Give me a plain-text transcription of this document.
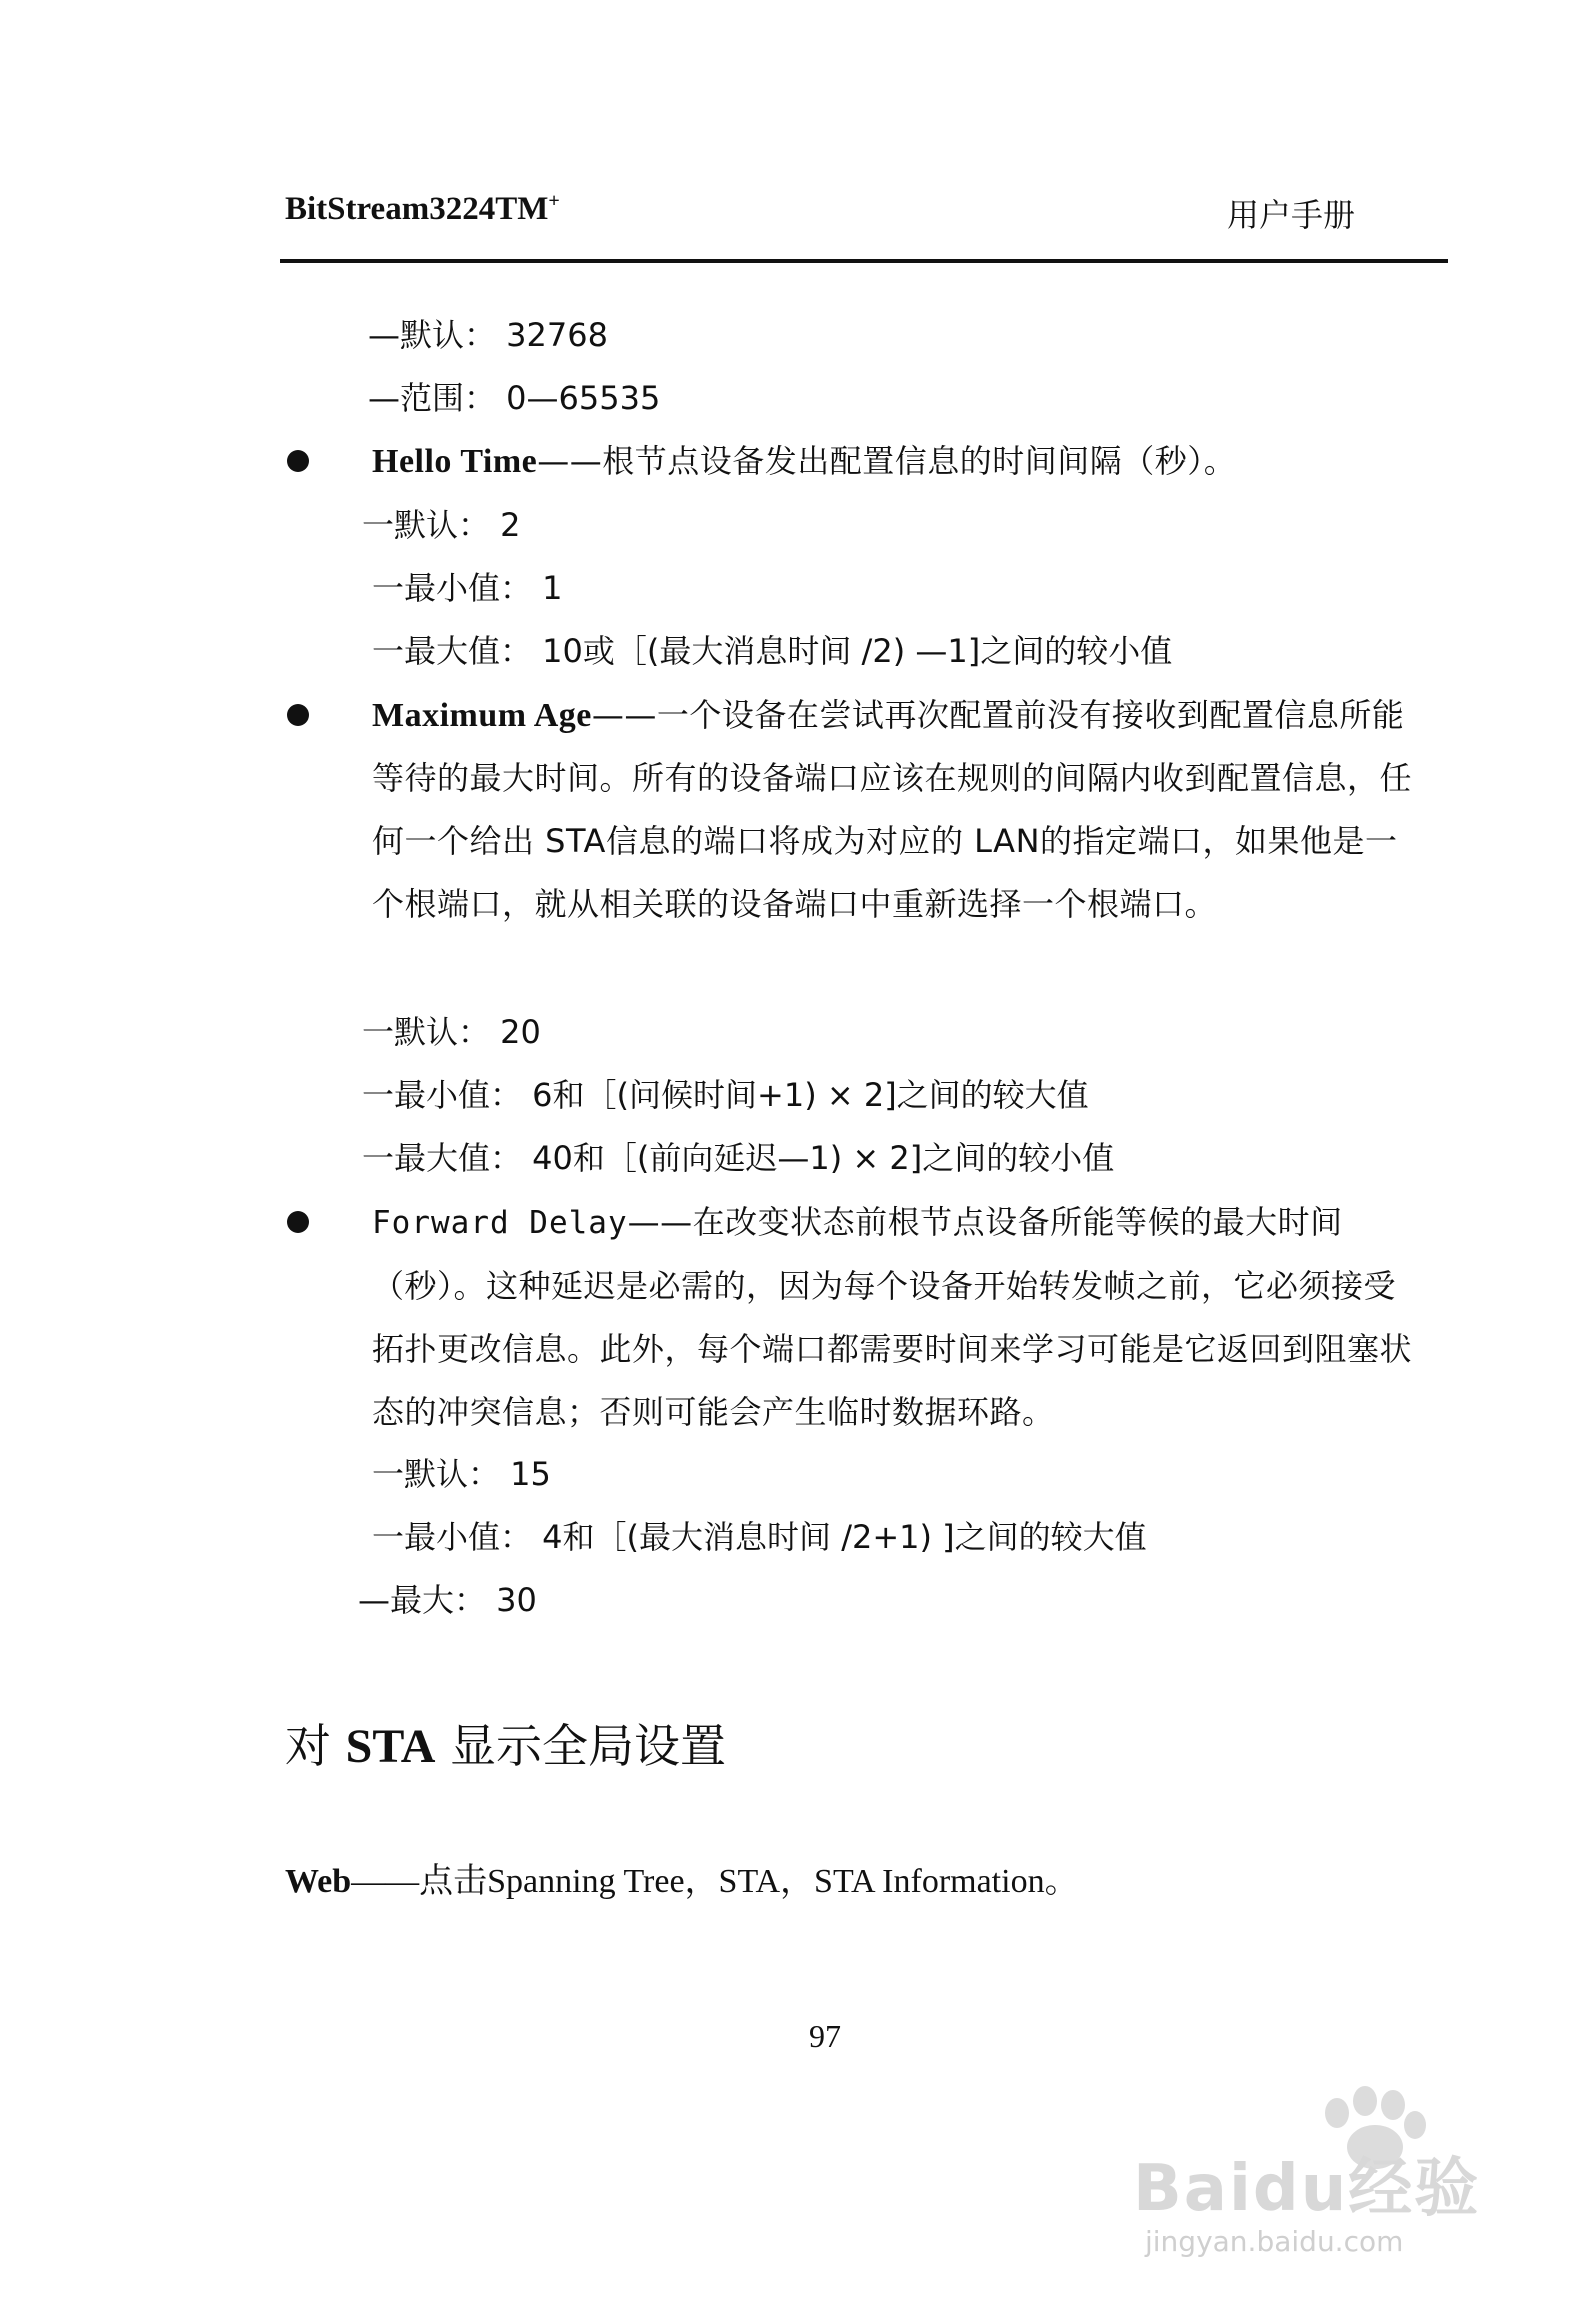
BitStream3224TM+	用户手册
—默认： 32768
—范围： 0—65535
Hello Time——根节点设备发出配置信息的时间间隔（秒）。
一默认： 2
一最小值： 1
一最大值： 10或［(最大消息时间 /2) —1]之间的较小值
Maximum Age——一个设备在尝试再次配置前没有接收到配置信息所能等待的最大时间。所有的设备端口应该在规则的间隔内收到配置信息，任何一个给出 STA信息的端口将成为对应的 LAN的指定端口，如果他是一个根端口，就从相关联的设备端口中重新选择一个根端口。
一默认： 20
一最小值： 6和［(问候时间+1) × 2]之间的较大值
一最大值： 40和［(前向延迟—1) × 2]之间的较小值
Forward Delay——在改变状态前根节点设备所能等候的最大时间（秒）。这种延迟是必需的，因为每个设备开始转发帧之前，它必须接受拓扑更改信息。此外，每个端口都需要时间来学习可能是它返回到阻塞状态的冲突信息；否则可能会产生临时数据环路。
一默认： 15
一最小值： 4和［(最大消息时间 /2+1) ]之间的较大值
—最大： 30
对 STA 显示全局设置
Web——点击Spanning Tree，STA，STA Information。
97
Baidu经验
jingyan.baidu.com
